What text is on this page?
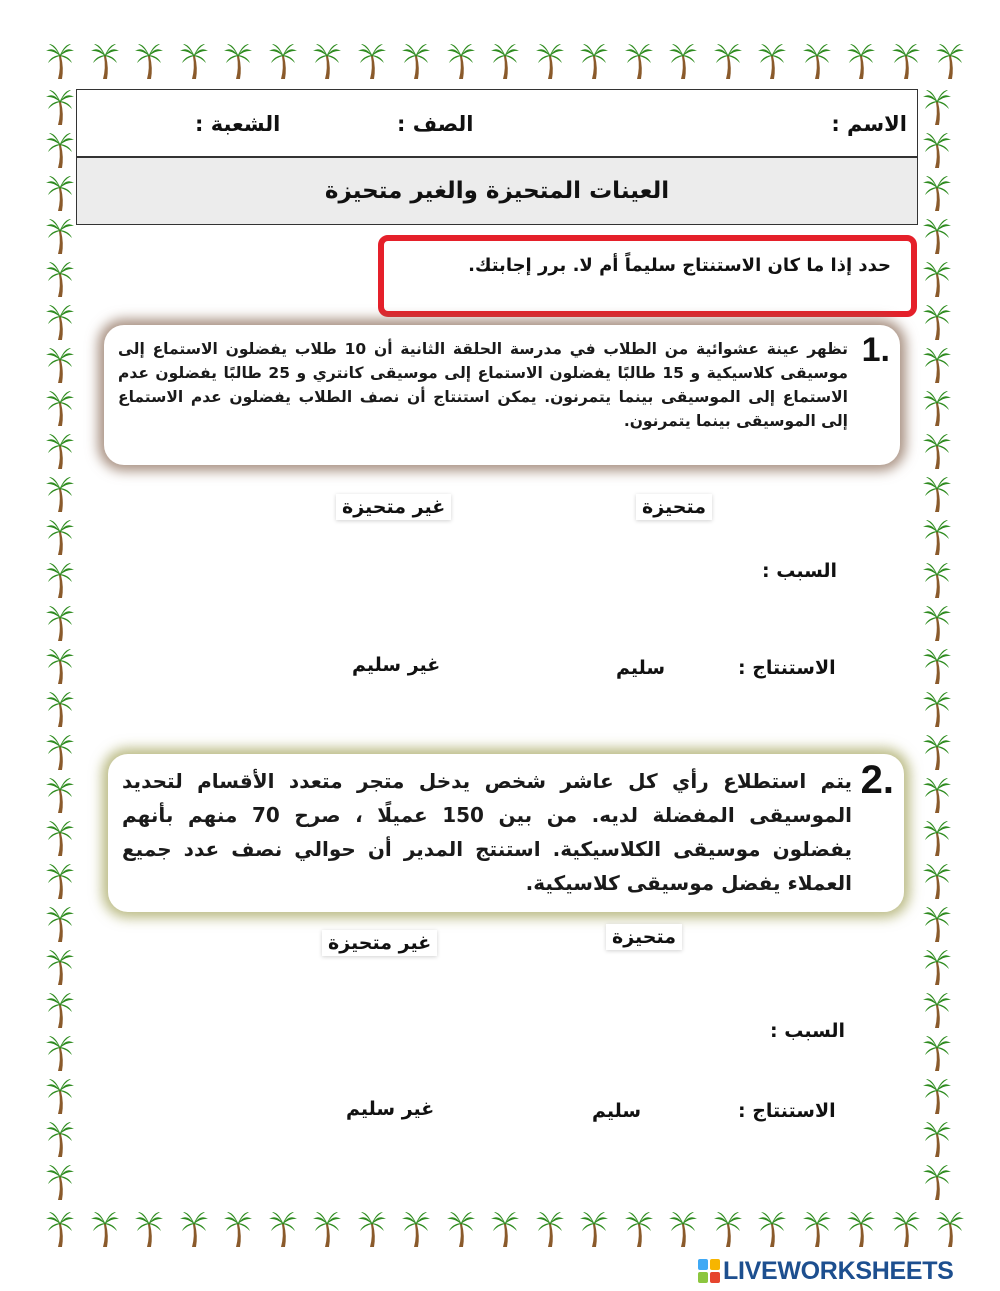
الاسم :
الصف :
الشعبة :
العينات المتحيزة والغير متحيزة
حدد إذا ما كان الاستنتاج سليماً أم لا. برر إجابتك.
1.
تظهر عينة عشوائية من الطلاب في مدرسة الحلقة الثانية أن 10 طلاب يفضلون الاستماع إلى موسيقى كلاسيكية و 15 طالبًا يفضلون الاستماع إلى موسيقى كانتري و 25 طالبًا يفضلون عدم الاستماع إلى الموسيقى بينما يتمرنون. يمكن استنتاج أن نصف الطلاب يفضلون عدم الاستماع إلى الموسيقى بينما يتمرنون.
غير متحيزة	متحيزة
السبب :
الاستنتاج :
سليم
غير سليم
2.
يتم استطلاع رأي كل عاشر شخص يدخل متجر متعدد الأقسام لتحديد الموسيقى المفضلة لديه. من بين 150 عميلًا ، صرح 70 منهم بأنهم يفضلون موسيقى الكلاسيكية. استنتج المدير أن حوالي نصف عدد جميع العملاء يفضل موسيقى كلاسيكية.
غير متحيزة	متحيزة
السبب :
الاستنتاج :
سليم
غير سليم
LIVEWORKSHEETS
